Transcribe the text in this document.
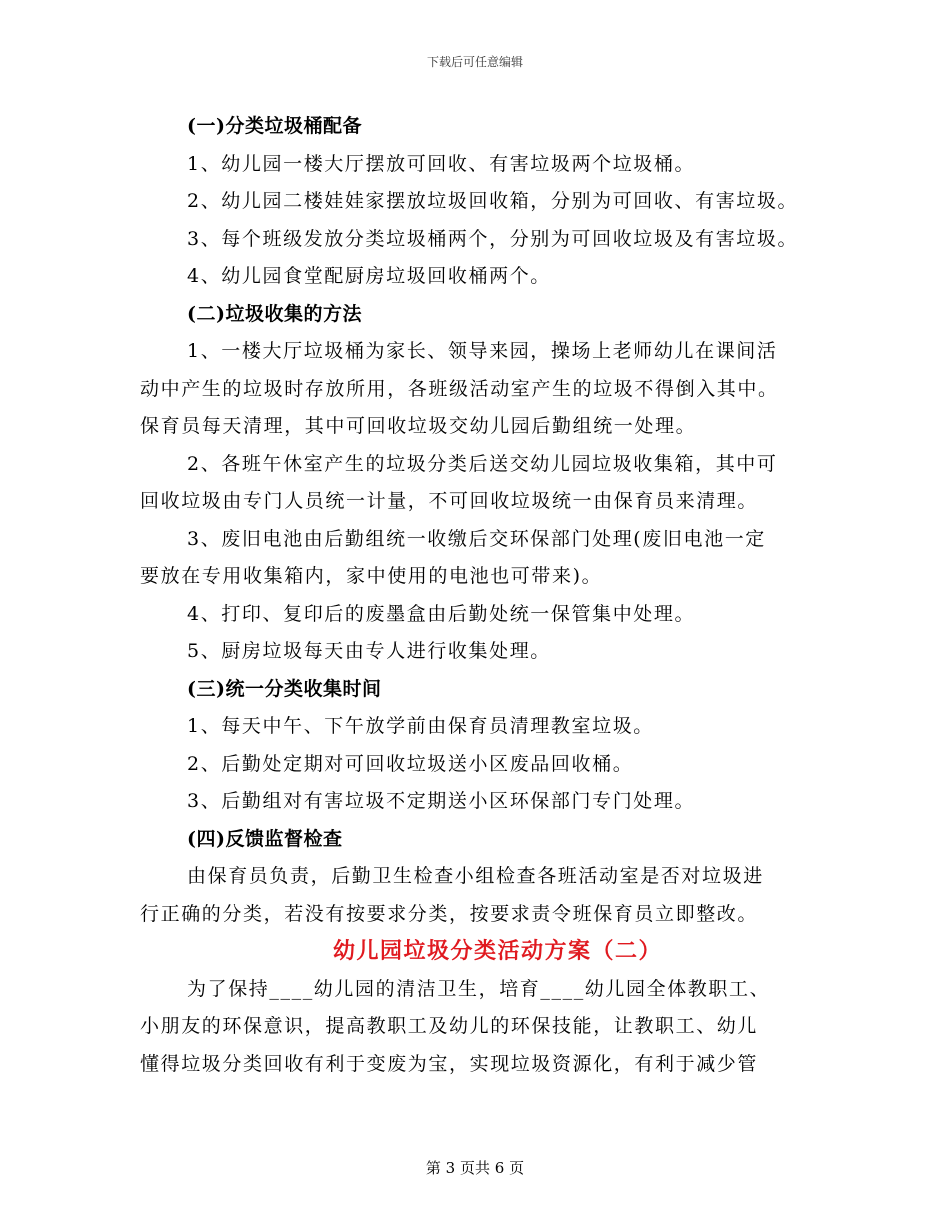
下载后可任意编辑
(一)分类垃圾桶配备
1、幼儿园一楼大厅摆放可回收、有害垃圾两个垃圾桶。
2、幼儿园二楼娃娃家摆放垃圾回收箱，分别为可回收、有害垃圾。
3、每个班级发放分类垃圾桶两个，分别为可回收垃圾及有害垃圾。
4、幼儿园食堂配厨房垃圾回收桶两个。
(二)垃圾收集的方法
1、一楼大厅垃圾桶为家长、领导来园，操场上老师幼儿在课间活
动中产生的垃圾时存放所用，各班级活动室产生的垃圾不得倒入其中。
保育员每天清理，其中可回收垃圾交幼儿园后勤组统一处理。
2、各班午休室产生的垃圾分类后送交幼儿园垃圾收集箱，其中可
回收垃圾由专门人员统一计量，不可回收垃圾统一由保育员来清理。
3、废旧电池由后勤组统一收缴后交环保部门处理(废旧电池一定
要放在专用收集箱内，家中使用的电池也可带来)。
4、打印、复印后的废墨盒由后勤处统一保管集中处理。
5、厨房垃圾每天由专人进行收集处理。
(三)统一分类收集时间
1、每天中午、下午放学前由保育员清理教室垃圾。
2、后勤处定期对可回收垃圾送小区废品回收桶。
3、后勤组对有害垃圾不定期送小区环保部门专门处理。
(四)反馈监督检查
由保育员负责，后勤卫生检查小组检查各班活动室是否对垃圾进
行正确的分类，若没有按要求分类，按要求责令班保育员立即整改。
幼儿园垃圾分类活动方案（二）
为了保持____幼儿园的清洁卫生，培育____幼儿园全体教职工、
小朋友的环保意识，提高教职工及幼儿的环保技能，让教职工、幼儿
懂得垃圾分类回收有利于变废为宝，实现垃圾资源化，有利于减少管
第 3 页共 6 页
